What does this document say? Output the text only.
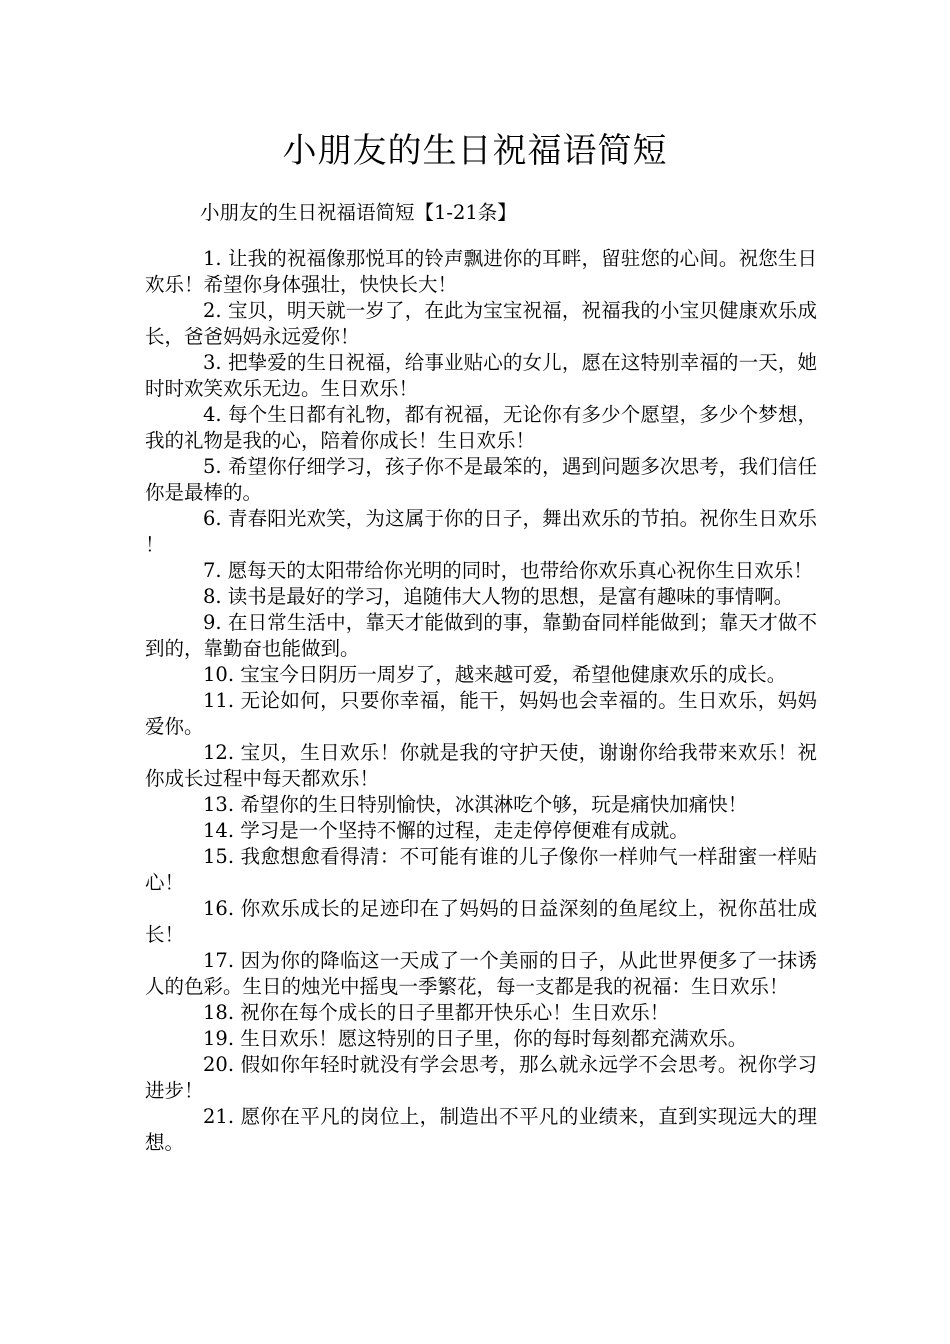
小朋友的生日祝福语简短

小朋友的生日祝福语简短【1-21条】

1. 让我的祝福像那悦耳的铃声飘进你的耳畔，留驻您的心间。祝您生日欢乐！希望你身体强壮，快快长大！
2. 宝贝，明天就一岁了，在此为宝宝祝福，祝福我的小宝贝健康欢乐成长，爸爸妈妈永远爱你！
3. 把挚爱的生日祝福，给事业贴心的女儿，愿在这特别幸福的一天，她时时欢笑欢乐无边。生日欢乐！
4. 每个生日都有礼物，都有祝福，无论你有多少个愿望，多少个梦想，我的礼物是我的心，陪着你成长！生日欢乐！
5. 希望你仔细学习，孩子你不是最笨的，遇到问题多次思考，我们信任你是最棒的。
6. 青春阳光欢笑，为这属于你的日子，舞出欢乐的节拍。祝你生日欢乐！
7. 愿每天的太阳带给你光明的同时，也带给你欢乐真心祝你生日欢乐！
8. 读书是最好的学习，追随伟大人物的思想，是富有趣味的事情啊。
9. 在日常生活中，靠天才能做到的事，靠勤奋同样能做到；靠天才做不到的，靠勤奋也能做到。
10. 宝宝今日阴历一周岁了，越来越可爱，希望他健康欢乐的成长。
11. 无论如何，只要你幸福，能干，妈妈也会幸福的。生日欢乐，妈妈爱你。
12. 宝贝，生日欢乐！你就是我的守护天使，谢谢你给我带来欢乐！祝你成长过程中每天都欢乐！
13. 希望你的生日特别愉快，冰淇淋吃个够，玩是痛快加痛快！
14. 学习是一个坚持不懈的过程，走走停停便难有成就。
15. 我愈想愈看得清：不可能有谁的儿子像你一样帅气一样甜蜜一样贴心！
16. 你欢乐成长的足迹印在了妈妈的日益深刻的鱼尾纹上，祝你茁壮成长！
17. 因为你的降临这一天成了一个美丽的日子，从此世界便多了一抹诱人的色彩。生日的烛光中摇曳一季繁花，每一支都是我的祝福：生日欢乐！
18. 祝你在每个成长的日子里都开快乐心！生日欢乐！
19. 生日欢乐！愿这特别的日子里，你的每时每刻都充满欢乐。
20. 假如你年轻时就没有学会思考，那么就永远学不会思考。祝你学习进步！
21. 愿你在平凡的岗位上，制造出不平凡的业绩来，直到实现远大的理想。
